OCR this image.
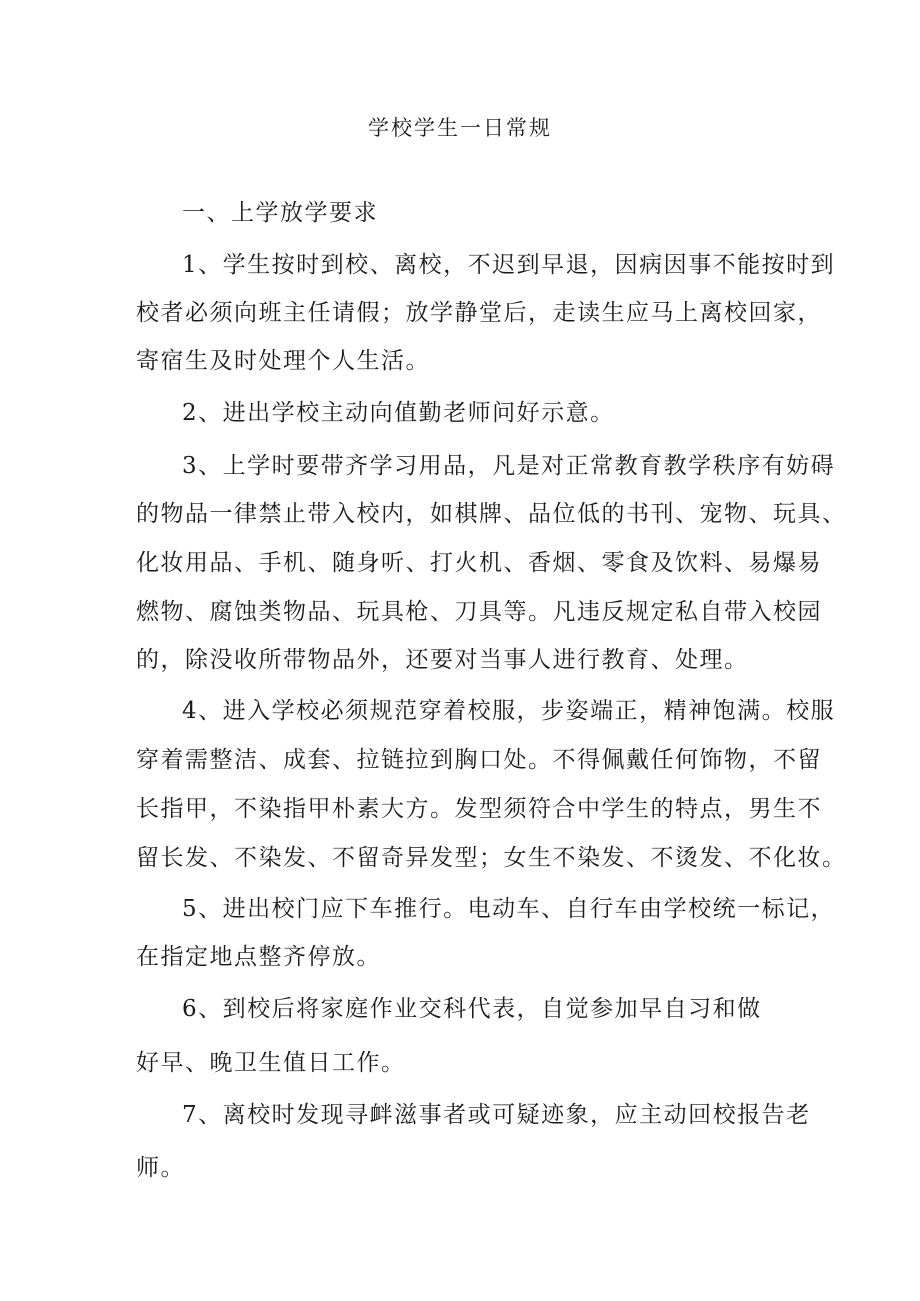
学校学生一日常规
一、上学放学要求
1、学生按时到校、离校，不迟到早退，因病因事不能按时到
校者必须向班主任请假；放学静堂后，走读生应马上离校回家，
寄宿生及时处理个人生活。
2、进出学校主动向值勤老师问好示意。
3、上学时要带齐学习用品，凡是对正常教育教学秩序有妨碍
的物品一律禁止带入校内，如棋牌、品位低的书刊、宠物、玩具、
化妆用品、手机、随身听、打火机、香烟、零食及饮料、易爆易
燃物、腐蚀类物品、玩具枪、刀具等。凡违反规定私自带入校园
的，除没收所带物品外，还要对当事人进行教育、处理。
4、进入学校必须规范穿着校服，步姿端正，精神饱满。校服
穿着需整洁、成套、拉链拉到胸口处。不得佩戴任何饰物，不留
长指甲，不染指甲朴素大方。发型须符合中学生的特点，男生不
留长发、不染发、不留奇异发型；女生不染发、不烫发、不化妆。
5、进出校门应下车推行。电动车、自行车由学校统一标记，
在指定地点整齐停放。
6、到校后将家庭作业交科代表，自觉参加早自习和做
好早、晚卫生值日工作。
7、离校时发现寻衅滋事者或可疑迹象，应主动回校报告老
师。
